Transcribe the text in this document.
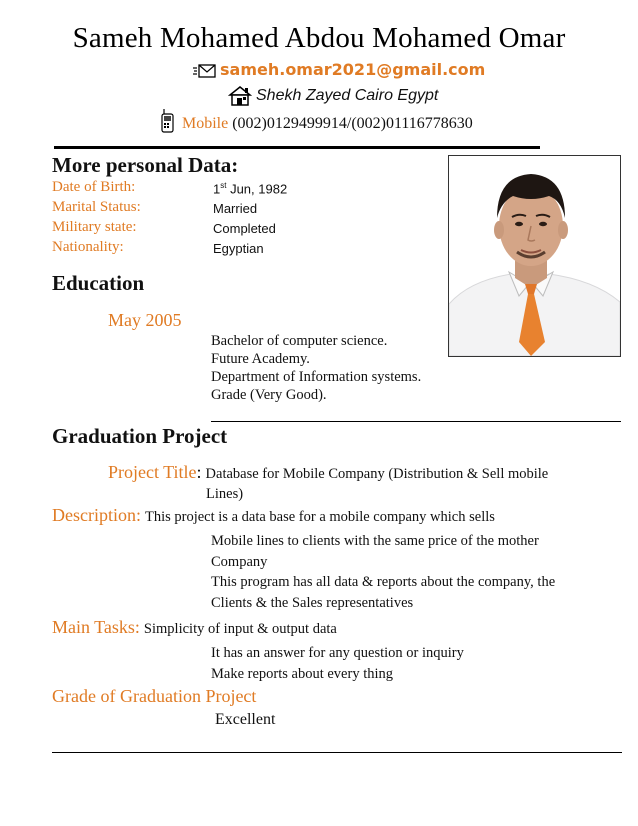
Sameh Mohamed Abdou Mohamed Omar
sameh.omar2021@gmail.com
Shekh Zayed Cairo Egypt
Mobile (002)0129499914/(002)01116778630
More personal Data:
Date of Birth:	1st Jun, 1982
Marital Status:	Married
Military state:	Completed
Nationality:	Egyptian
Education
May 2005
Bachelor of computer science.
Future Academy.
Department of Information systems.
Grade (Very Good).
Graduation Project
Project Title: Database for Mobile Company (Distribution & Sell mobile
Lines)
Description: This project is a data base for a mobile company which sells
Mobile lines to clients with the same price of the mother
Company
This program has all data & reports about the company, the
Clients & the Sales representatives
Main Tasks: Simplicity of input & output data
It has an answer for any question or inquiry
Make reports about every thing
Grade of Graduation Project
Excellent
